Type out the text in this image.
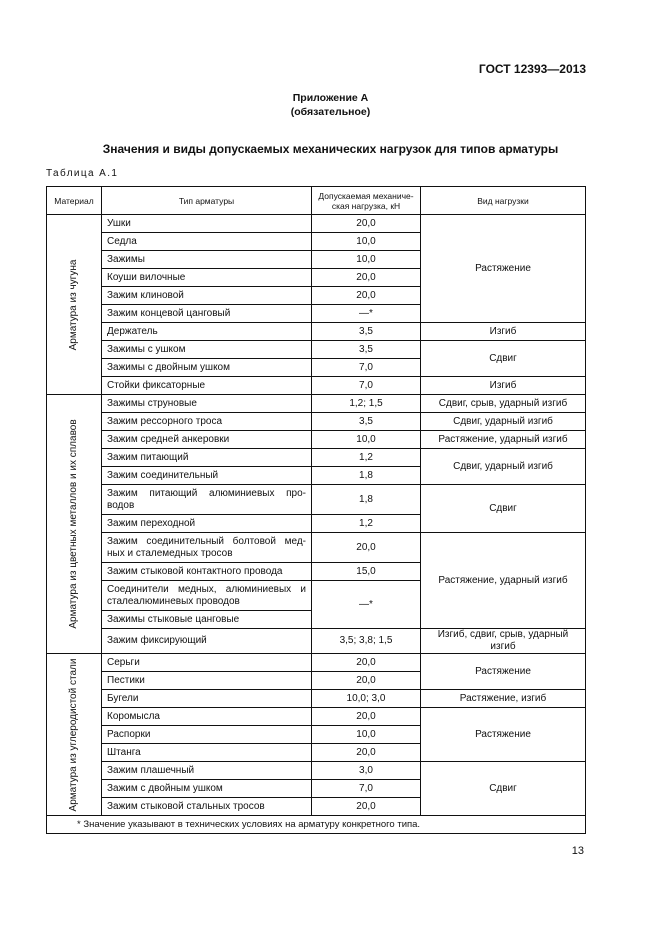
ГОСТ 12393—2013
Приложение А
(обязательное)
Значения и виды допускаемых механических нагрузок для типов арматуры
Таблица А.1
Материал	Тип арматуры	Допускаемая механиче-ская нагрузка, кН	Вид нагрузки

Арматура из чугуна	Ушки	20,0	Растяжение
	Седла	10,0	
	Зажимы	10,0	
	Коуши вилочные	20,0	
	Зажим клиновой	20,0	
	Зажим концевой цанговый	—*	
	Держатель	3,5	Изгиб
	Зажимы с ушком	3,5	Сдвиг
	Зажимы с двойным ушком	7,0	
	Стойки фиксаторные	7,0	Изгиб

Арматура из цветных металлов и их сплавов	Зажимы струновые	1,2; 1,5	Сдвиг, срыв, ударный изгиб
	Зажим рессорного троса	3,5	Сдвиг, ударный изгиб
	Зажим средней анкеровки	10,0	Растяжение, ударный изгиб
	Зажим питающий	1,2	Сдвиг, ударный изгиб
	Зажим соединительный	1,8	
	Зажим питающий алюминиевых про-водов	1,8	Сдвиг
	Зажим переходной	1,2	
	Зажим соединительный болтовой мед-ных и сталемедных тросов	20,0	Растяжение, ударный изгиб
	Зажим стыковой контактного провода	15,0	
	Соединители медных, алюминиевых и сталеалюминевых проводов	—*	
	Зажимы стыковые цанговые		
	Зажим фиксирующий	3,5; 3,8; 1,5	Изгиб, сдвиг, срыв, ударный изгиб

Арматура из углеродистой стали	Серьги	20,0	Растяжение
	Пестики	20,0	
	Бугели	10,0; 3,0	Растяжение, изгиб
	Коромысла	20,0	Растяжение
	Распорки	10,0	
	Штанга	20,0	
	Зажим плашечный	3,0	Сдвиг
	Зажим с двойным ушком	7,0	
	Зажим стыковой стальных тросов	20,0	
* Значение указывают в технических условиях на арматуру конкретного типа.			
13
